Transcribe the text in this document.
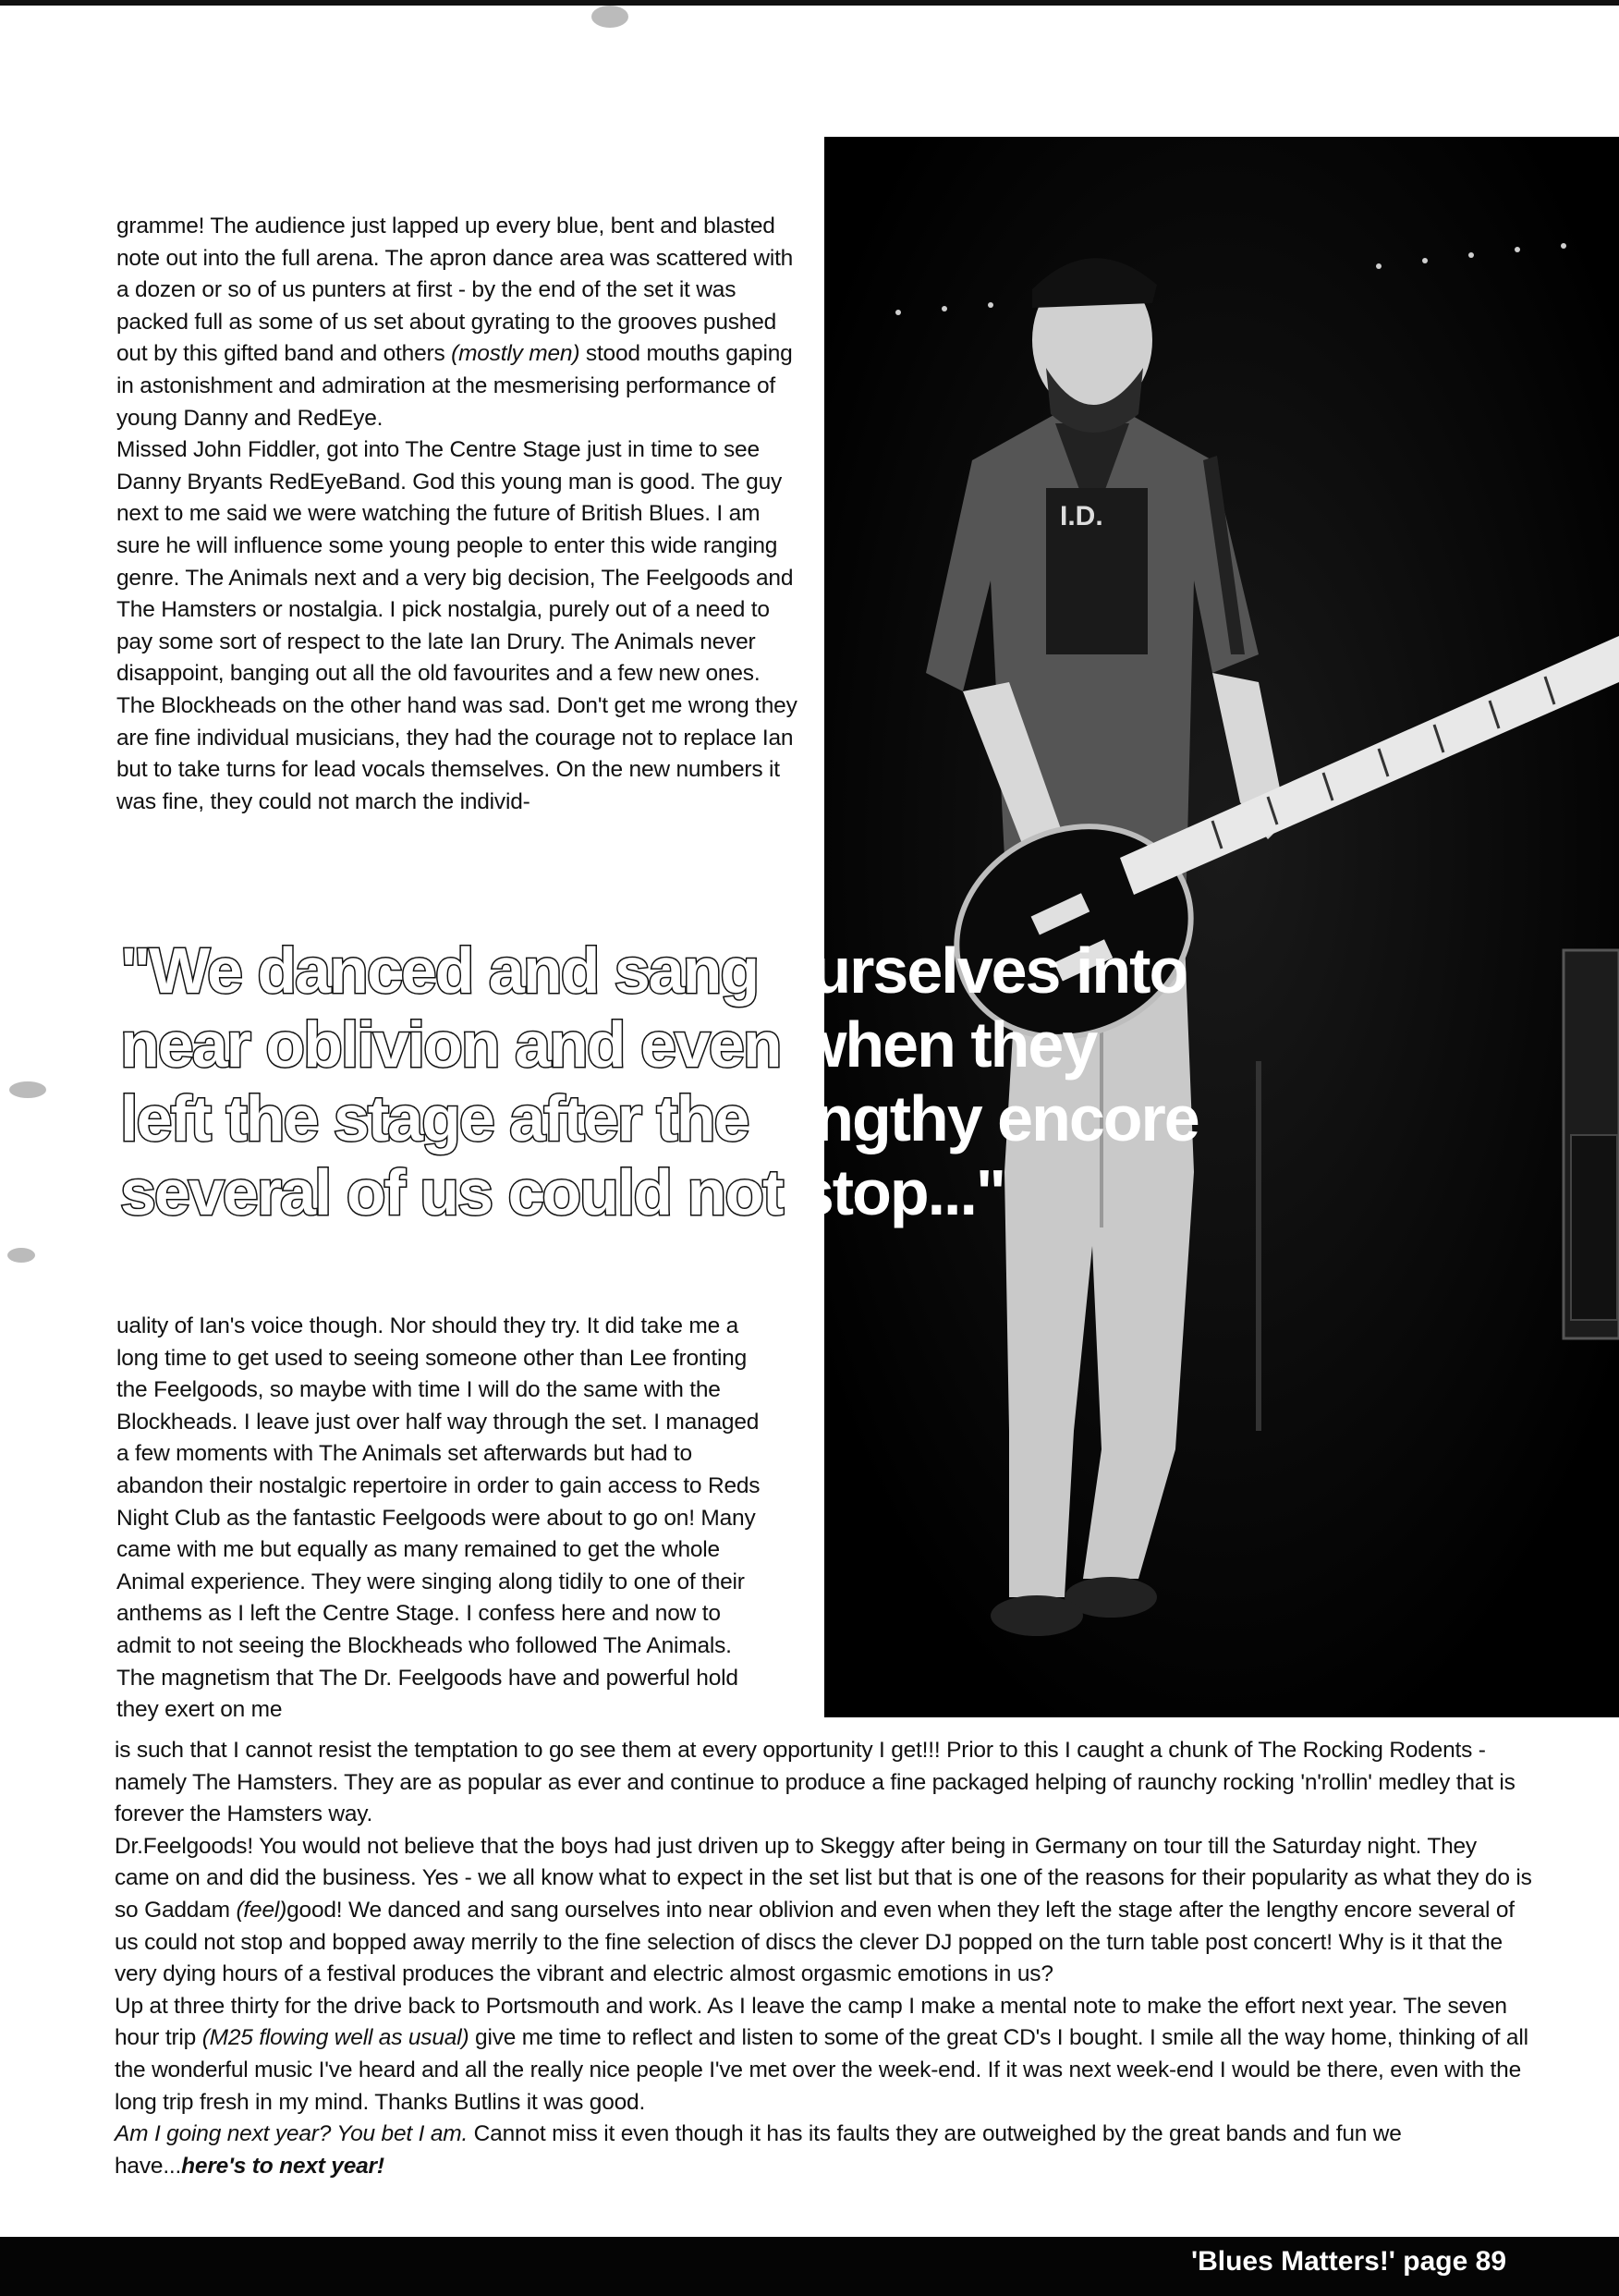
I.D.

gramme! The audience just lapped up every blue, bent and blasted note out into the full arena. The apron dance area was scattered with a dozen or so of us punters at first - by the end of the set it was packed full as some of us set about gyrating to the grooves pushed out by this gifted band and others (mostly men) stood mouths gaping in astonishment and admiration at the mesmerising performance of young Danny and RedEye.

Missed John Fiddler, got into The Centre Stage just in time to see Danny Bryants RedEyeBand. God this young man is good. The guy next to me said we were watching the future of British Blues. I am sure he will influence some young people to enter this wide ranging genre. The Animals next and a very big decision, The Feelgoods and The Hamsters or nostalgia. I pick nostalgia, purely out of a need to pay some sort of respect to the late Ian Drury. The Animals never disappoint, banging out all the old favourites and a few new ones. The Blockheads on the other hand was sad. Don't get me wrong they are fine individual musicians, they had the courage not to replace Ian but to take turns for lead vocals themselves. On the new numbers it was fine, they could not march the individ-

"We danced and sang ourselves into
near oblivion and even when they
left the stage after the lengthy encore
several of us could not stop..."

uality of Ian's voice though. Nor should they try. It did take me a long time to get used to seeing someone other than Lee fronting the Feelgoods, so maybe with time I will do the same with the Blockheads. I leave just over half way through the set. I managed a few moments with The Animals set afterwards but had to abandon their nostalgic repertoire in order to gain access to Reds Night Club as the fantastic Feelgoods were about to go on! Many came with me but equally as many remained to get the whole Animal experience. They were singing along tidily to one of their anthems as I left the Centre Stage. I confess here and now to admit to not seeing the Blockheads who followed The Animals. The magnetism that The Dr. Feelgoods have and powerful hold they exert on me

is such that I cannot resist the temptation to go see them at every opportunity I get!!! Prior to this I caught a chunk of The Rocking Rodents - namely The Hamsters. They are as popular as ever and continue to produce a fine packaged helping of raunchy rocking 'n'rollin' medley that is forever the Hamsters way.

Dr.Feelgoods! You would not believe that the boys had just driven up to Skeggy after being in Germany on tour till the Saturday night. They came on and did the business. Yes - we all know what to expect in the set list but that is one of the reasons for their popularity as what they do is so Gaddam (feel)good! We danced and sang ourselves into near oblivion and even when they left the stage after the lengthy encore several of us could not stop and bopped away merrily to the fine selection of discs the clever DJ popped on the turn table post concert! Why is it that the very dying hours of a festival produces the vibrant and electric almost orgasmic emotions in us?

Up at three thirty for the drive back to Portsmouth and work. As I leave the camp I make a mental note to make the effort next year. The seven hour trip (M25 flowing well as usual) give me time to reflect and listen to some of the great CD's I bought. I smile all the way home, thinking of all the wonderful music I've heard and all the really nice people I've met over the week-end. If it was next week-end I would be there, even with the long trip fresh in my mind. Thanks Butlins it was good.

Am I going next year? You bet I am. Cannot miss it even though it has its faults they are outweighed by the great bands and fun we have...here's to next year!

'Blues Matters!' page 89
